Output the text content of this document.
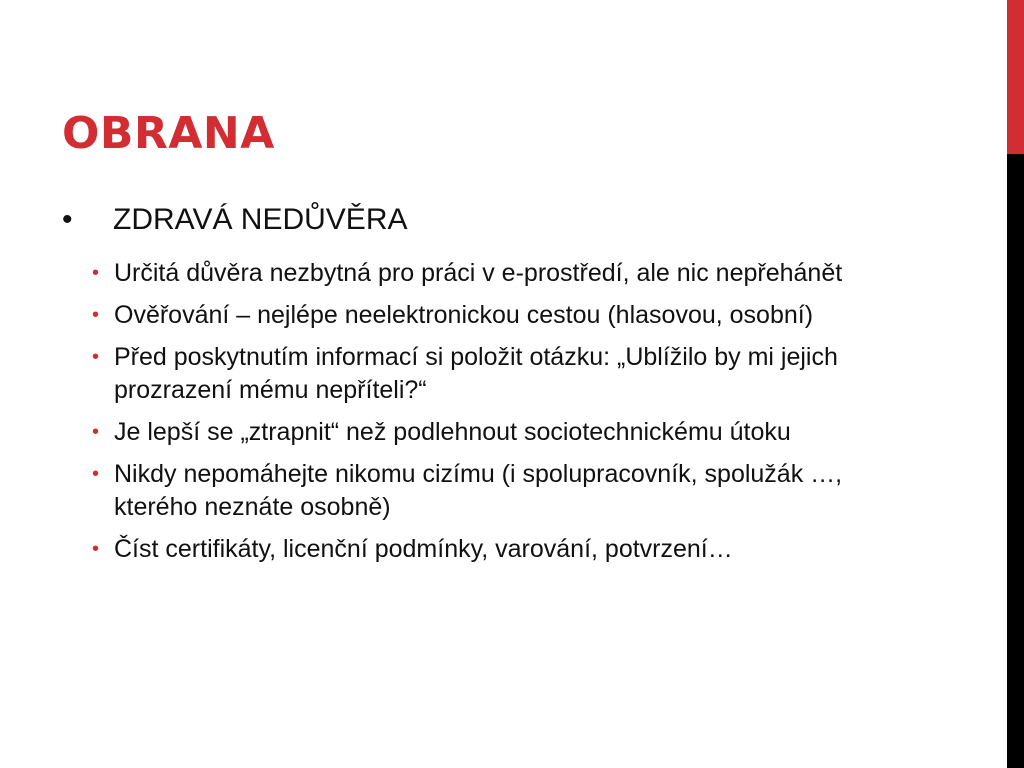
OBRANA
•	ZDRAVÁ NEDŮVĚRA
• Určitá důvěra nezbytná pro práci v e-prostředí, ale nic nepřehánět
• Ověřování – nejlépe neelektronickou cestou (hlasovou, osobní)
• Před poskytnutím informací si položit otázku: „Ublížilo by mi jejich prozrazení mému nepříteli?“
• Je lepší se „ztrapnit“ než podlehnout sociotechnickému útoku
• Nikdy nepomáhejte nikomu cizímu (i spolupracovník, spolužák …, kterého neznáte osobně)
• Číst certifikáty, licenční podmínky, varování, potvrzení…
